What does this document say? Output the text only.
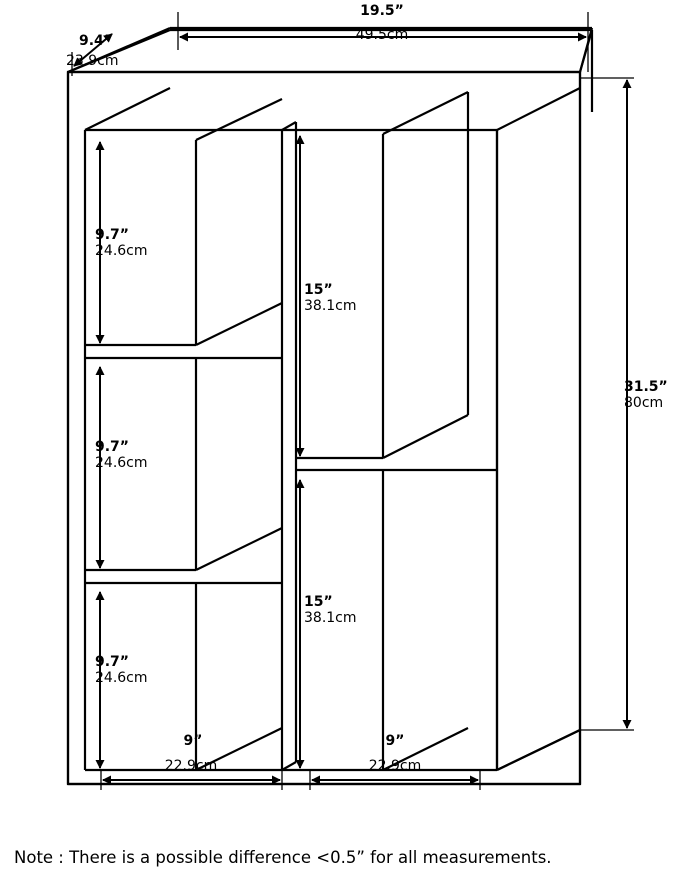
19.5”
49.5cm
9.4”
23.9cm
31.5”
80cm
9.7”
24.6cm
9.7”
24.6cm
9.7”
24.6cm
15”
38.1cm
15”
38.1cm
9”
22.9cm
9”
22.9cm
Note : There is a possible difference <0.5” for all measurements.
